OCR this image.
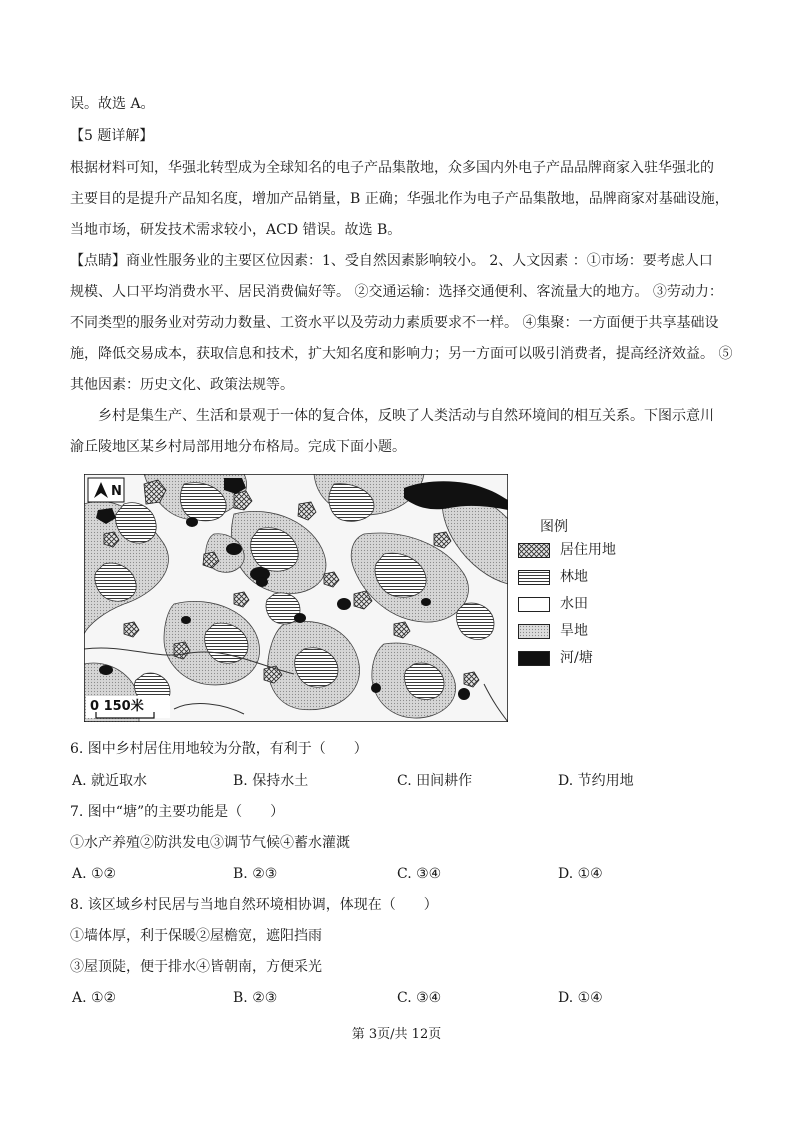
误。故选 A。
【5 题详解】
根据材料可知，华强北转型成为全球知名的电子产品集散地，众多国内外电子产品品牌商家入驻华强北的
主要目的是提升产品知名度，增加产品销量，B 正确；华强北作为电子产品集散地，品牌商家对基础设施，
当地市场，研发技术需求较小，ACD 错误。故选 B。
【点睛】商业性服务业的主要区位因素：1、受自然因素影响较小。 2、人文因素 ：①市场：要考虑人口
规模、人口平均消费水平、居民消费偏好等。 ②交通运输：选择交通便利、客流量大的地方。 ③劳动力：
不同类型的服务业对劳动力数量、工资水平以及劳动力素质要求不一样。 ④集聚：一方面便于共享基础设
施，降低交易成本，获取信息和技术，扩大知名度和影响力；另一方面可以吸引消费者，提高经济效益。 ⑤
其他因素：历史文化、政策法规等。
乡村是集生产、生活和景观于一体的复合体，反映了人类活动与自然环境间的相互关系。下图示意川
渝丘陵地区某乡村局部用地分布格局。完成下面小题。
N
0 150米
图例
居住用地
林地
水田
旱地
河/塘
6. 图中乡村居住用地较为分散，有利于（　　）
A. 就近取水	B. 保持水土	C. 田间耕作	D. 节约用地
7. 图中“塘”的主要功能是（　　）
①水产养殖②防洪发电③调节气候④蓄水灌溉
A. ①②	B. ②③	C. ③④	D. ①④
8. 该区域乡村民居与当地自然环境相协调，体现在（　　）
①墙体厚，利于保暖②屋檐宽，遮阳挡雨
③屋顶陡，便于排水④皆朝南，方便采光
A. ①②	B. ②③	C. ③④	D. ①④
第 3页/共 12页
